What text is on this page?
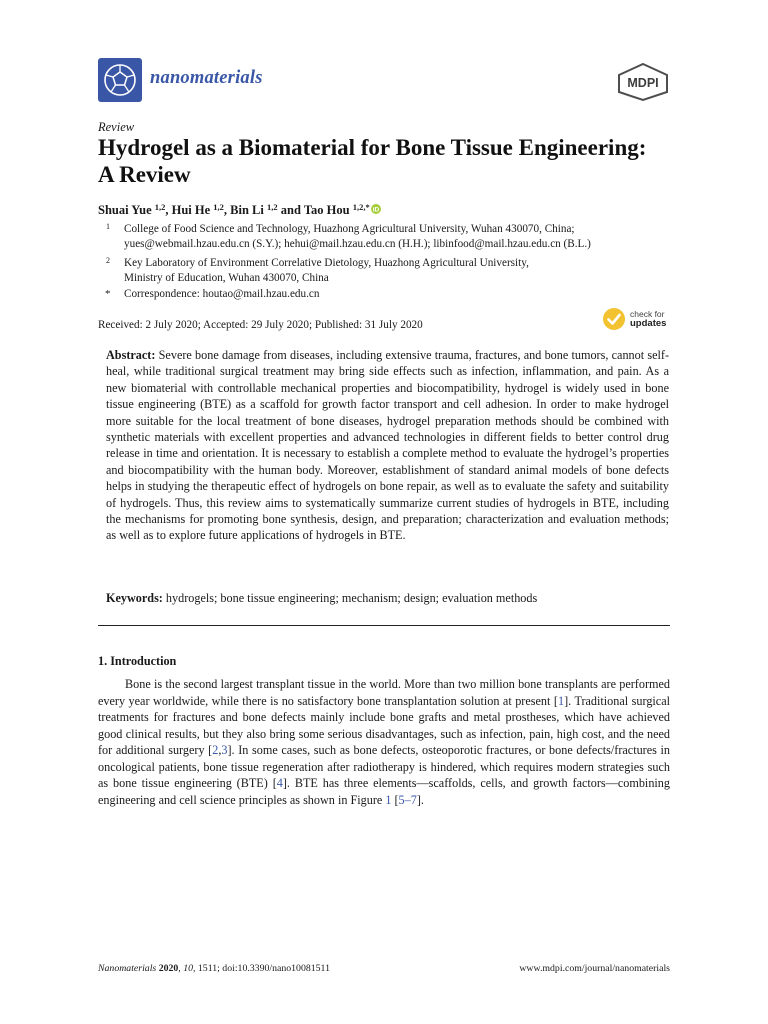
nanomaterials	MDPI
Review
Hydrogel as a Biomaterial for Bone Tissue Engineering: A Review
Shuai Yue $^{1,2}$, Hui He $^{1,2}$, Bin Li $^{1,2}$ and Tao Hou $^{1,2,*}$ iD
1 College of Food Science and Technology, Huazhong Agricultural University, Wuhan 430070, China;
yues@webmail.hzau.edu.cn (S.Y.); hehui@mail.hzau.edu.cn (H.H.); libinfood@mail.hzau.edu.cn (B.L.)
2 Key Laboratory of Environment Correlative Dietology, Huazhong Agricultural University,
Ministry of Education, Wuhan 430070, China
* Correspondence: houtao@mail.hzau.edu.cn
Received: 2 July 2020; Accepted: 29 July 2020; Published: 31 July 2020
check for
updates
Abstract: Severe bone damage from diseases, including extensive trauma, fractures, and bone tumors, cannot self-heal, while traditional surgical treatment may bring side effects such as infection, inflammation, and pain. As a new biomaterial with controllable mechanical properties and biocompatibility, hydrogel is widely used in bone tissue engineering (BTE) as a scaffold for growth factor transport and cell adhesion. In order to make hydrogel more suitable for the local treatment of bone diseases, hydrogel preparation methods should be combined with synthetic materials with excellent properties and advanced technologies in different fields to better control drug release in time and orientation. It is necessary to establish a complete method to evaluate the hydrogel’s properties and biocompatibility with the human body. Moreover, establishment of standard animal models of bone defects helps in studying the therapeutic effect of hydrogels on bone repair, as well as to evaluate the safety and suitability of hydrogels. Thus, this review aims to systematically summarize current studies of hydrogels in BTE, including the mechanisms for promoting bone synthesis, design, and preparation; characterization and evaluation methods; as well as to explore future applications of hydrogels in BTE.
Keywords: hydrogels; bone tissue engineering; mechanism; design; evaluation methods
1. Introduction
Bone is the second largest transplant tissue in the world. More than two million bone transplants are performed every year worldwide, while there is no satisfactory bone transplantation solution at present [1]. Traditional surgical treatments for fractures and bone defects mainly include bone grafts and metal prostheses, which have achieved good clinical results, but they also bring some serious disadvantages, such as infection, pain, high cost, and the need for additional surgery [2,3]. In some cases, such as bone defects, osteoporotic fractures, or bone defects/fractures in oncological patients, bone tissue regeneration after radiotherapy is hindered, which requires modern strategies such as bone tissue engineering (BTE) [4]. BTE has three elements—scaffolds, cells, and growth factors—combining engineering and cell science principles as shown in Figure 1 [5–7].
Nanomaterials 2020, 10, 1511; doi:10.3390/nano10081511	www.mdpi.com/journal/nanomaterials
